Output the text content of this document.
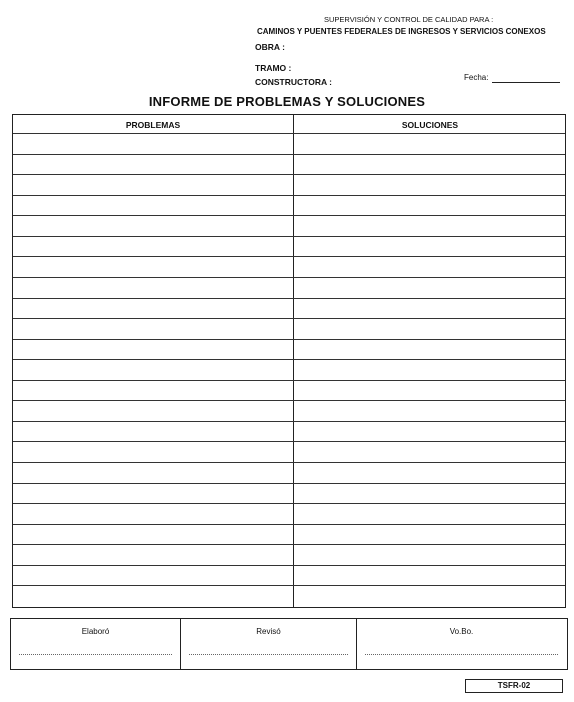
SUPERVISIÓN Y CONTROL DE CALIDAD PARA :
CAMINOS Y PUENTES FEDERALES DE INGRESOS Y SERVICIOS CONEXOS
OBRA :
TRAMO :
CONSTRUCTORA :	Fecha:
INFORME DE PROBLEMAS Y SOLUCIONES
PROBLEMAS	SOLUCIONES
Elaboró	Revisó	Vo.Bo.
TSFR-02
